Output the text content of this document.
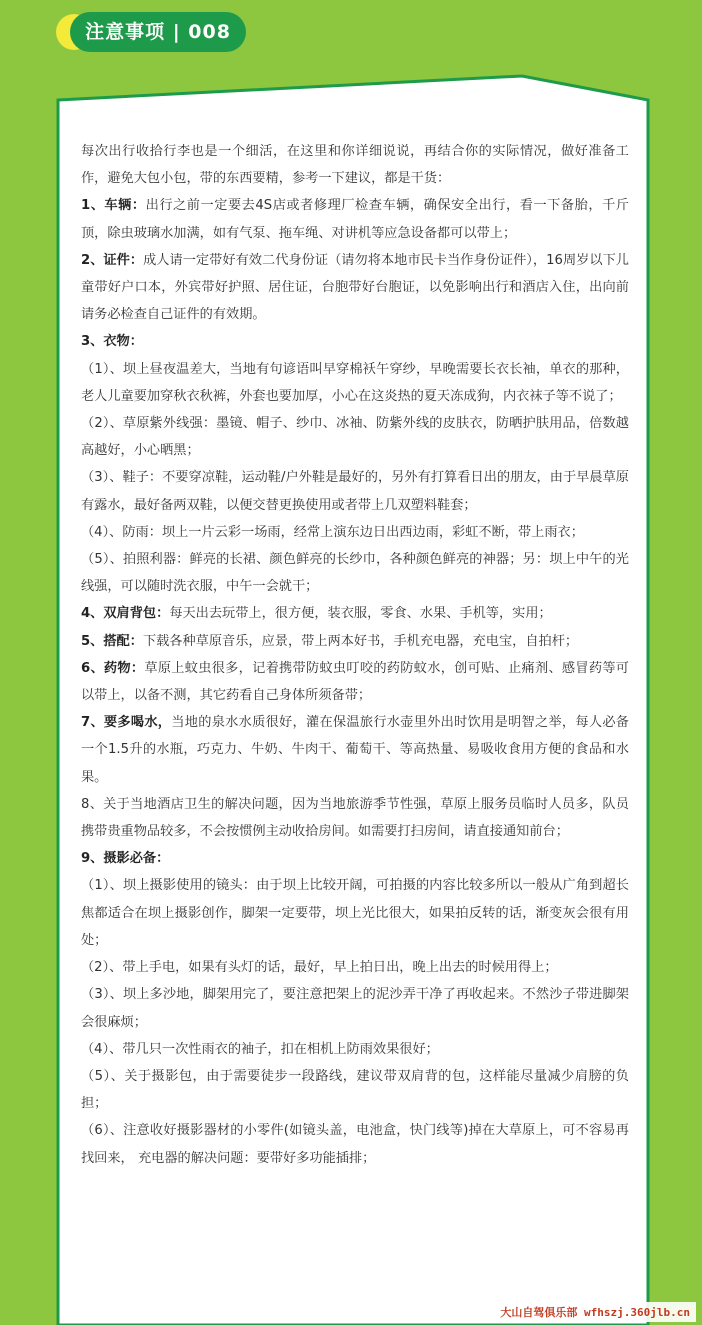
注意事项 | 008

每次出行收拾行李也是一个细活，在这里和你详细说说，再结合你的实际情况，做好准备工作，避免大包小包，带的东西要精，参考一下建议，都是干货：

1、车辆：出行之前一定要去4S店或者修理厂检查车辆，确保安全出行，看一下备胎，千斤顶，除虫玻璃水加满，如有气泵、拖车绳、对讲机等应急设备都可以带上；

2、证件：成人请一定带好有效二代身份证（请勿将本地市民卡当作身份证件），16周岁以下儿童带好户口本，外宾带好护照、居住证，台胞带好台胞证，以免影响出行和酒店入住，出向前请务必检查自己证件的有效期。

3、衣物：

（1）、坝上昼夜温差大，当地有句谚语叫早穿棉袄午穿纱，早晚需要长衣长袖，单衣的那种，老人儿童要加穿秋衣秋裤，外套也要加厚，小心在这炎热的夏天冻成狗，内衣袜子等不说了；

（2）、草原紫外线强：墨镜、帽子、纱巾、冰袖、防紫外线的皮肤衣，防晒护肤用品，倍数越高越好，小心晒黑；

（3）、鞋子：不要穿凉鞋，运动鞋/户外鞋是最好的，另外有打算看日出的朋友，由于早晨草原有露水，最好备两双鞋，以便交替更换使用或者带上几双塑料鞋套；

（4）、防雨：坝上一片云彩一场雨，经常上演东边日出西边雨，彩虹不断，带上雨衣；

（5）、拍照利器：鲜亮的长裙、颜色鲜亮的长纱巾，各种颜色鲜亮的神器；另：坝上中午的光线强，可以随时洗衣服，中午一会就干；

4、双肩背包：每天出去玩带上，很方便，装衣服，零食、水果、手机等，实用；

5、搭配：下载各种草原音乐，应景，带上两本好书，手机充电器，充电宝，自拍杆；

6、药物：草原上蚊虫很多，记着携带防蚊虫叮咬的药防蚊水，创可贴、止痛剂、感冒药等可以带上，以备不测，其它药看自己身体所须备带；

7、要多喝水，当地的泉水水质很好，灌在保温旅行水壶里外出时饮用是明智之举，每人必备一个1.5升的水瓶，巧克力、牛奶、牛肉干、葡萄干、等高热量、易吸收食用方便的食品和水果。

8、关于当地酒店卫生的解决问题，因为当地旅游季节性强，草原上服务员临时人员多，队员携带贵重物品较多，不会按惯例主动收拾房间。如需要打扫房间，请直接通知前台；

9、摄影必备：

（1）、坝上摄影使用的镜头：由于坝上比较开阔，可拍摄的内容比较多所以一般从广角到超长焦都适合在坝上摄影创作，脚架一定要带，坝上光比很大，如果拍反转的话，渐变灰会很有用处；

（2）、带上手电，如果有头灯的话，最好，早上拍日出，晚上出去的时候用得上；

（3）、坝上多沙地，脚架用完了，要注意把架上的泥沙弄干净了再收起来。不然沙子带进脚架会很麻烦；

（4）、带几只一次性雨衣的袖子，扣在相机上防雨效果很好；

（5）、关于摄影包，由于需要徒步一段路线，建议带双肩背的包，这样能尽量减少肩膀的负担；

（6）、注意收好摄影器材的小零件(如镜头盖，电池盒，快门线等)掉在大草原上，可不容易再找回来， 充电器的解决问题：要带好多功能插排；

大山自驾俱乐部 wfhszj.360jlb.cn
